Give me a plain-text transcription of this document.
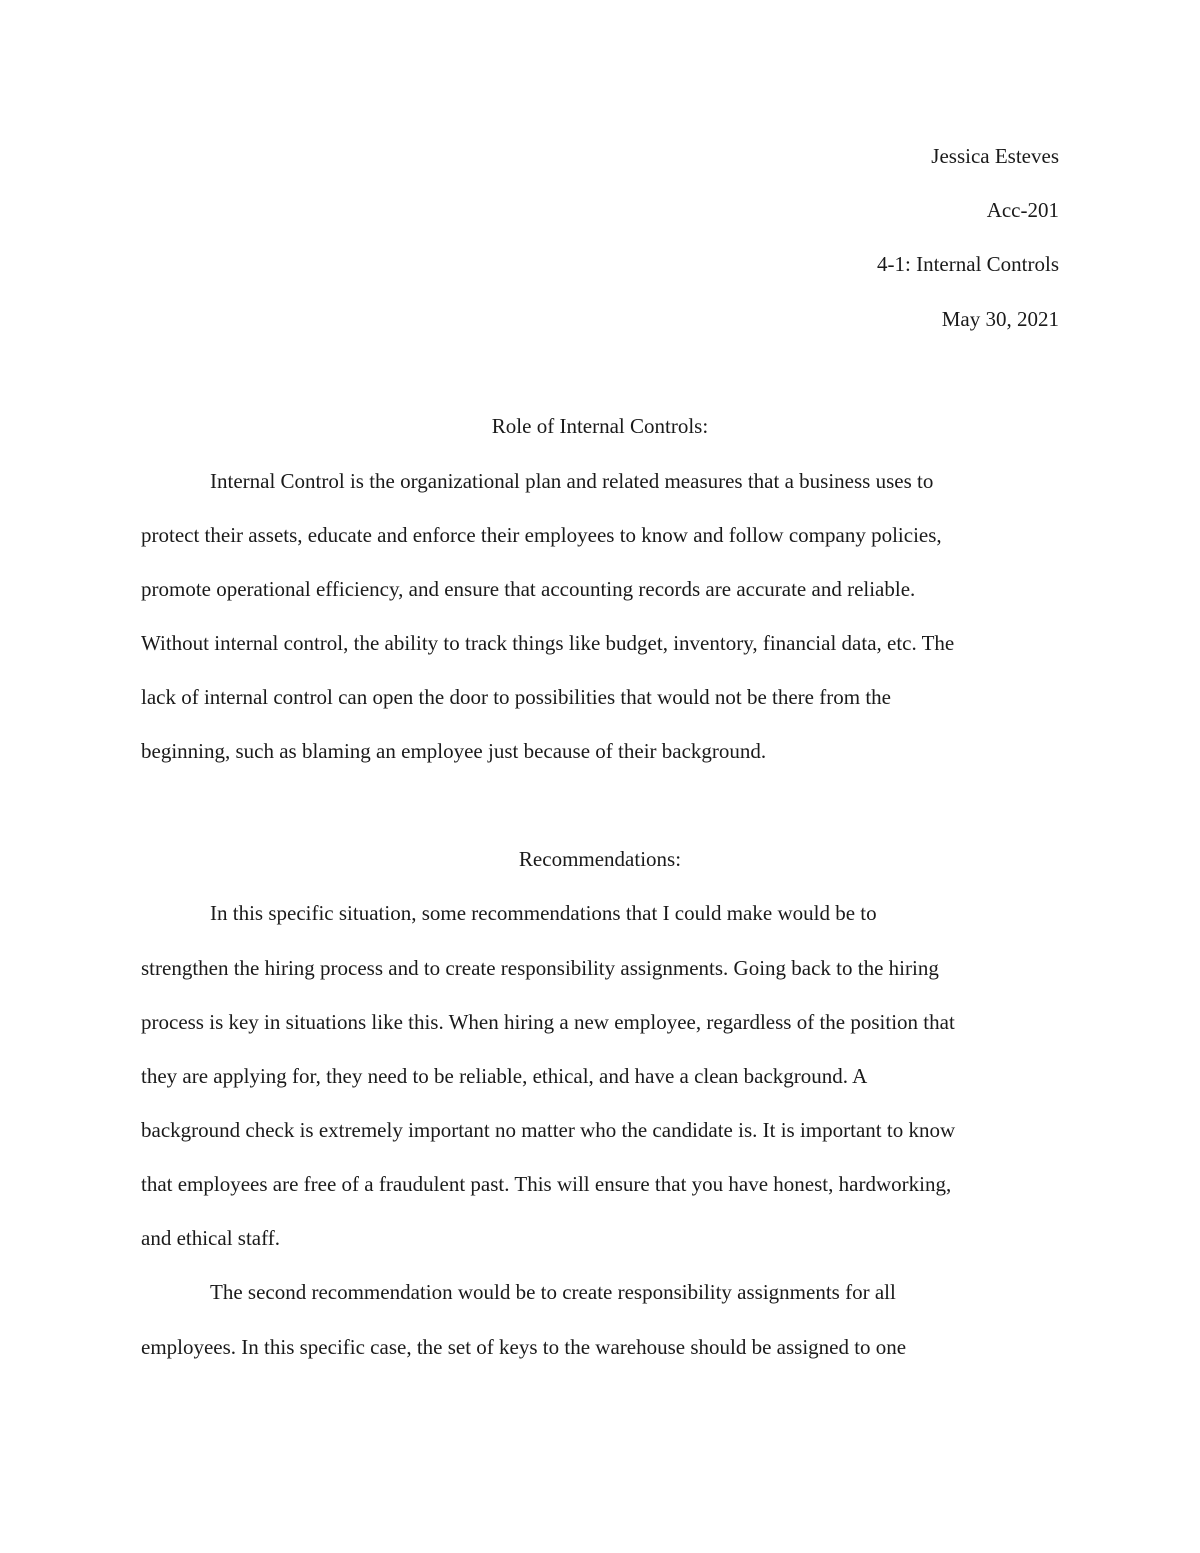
Jessica Esteves
Acc-201
4-1: Internal Controls
May 30, 2021
Role of Internal Controls:
Internal Control is the organizational plan and related measures that a business uses to
protect their assets, educate and enforce their employees to know and follow company policies,
promote operational efficiency, and ensure that accounting records are accurate and reliable.
Without internal control, the ability to track things like budget, inventory, financial data, etc. The
lack of internal control can open the door to possibilities that would not be there from the
beginning, such as blaming an employee just because of their background.
Recommendations:
In this specific situation, some recommendations that I could make would be to
strengthen the hiring process and to create responsibility assignments. Going back to the hiring
process is key in situations like this. When hiring a new employee, regardless of the position that
they are applying for, they need to be reliable, ethical, and have a clean background. A
background check is extremely important no matter who the candidate is. It is important to know
that employees are free of a fraudulent past. This will ensure that you have honest, hardworking,
and ethical staff.
The second recommendation would be to create responsibility assignments for all
employees. In this specific case, the set of keys to the warehouse should be assigned to one
